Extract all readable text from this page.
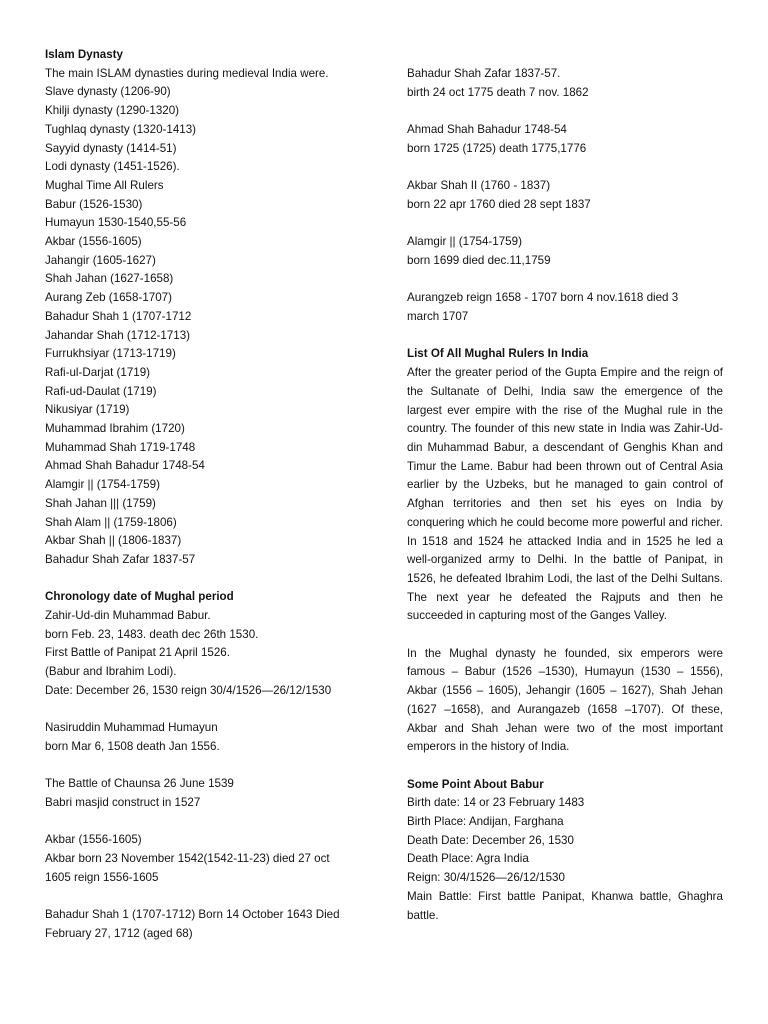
Islam Dynasty
The main ISLAM dynasties during medieval India were.
Slave dynasty (1206-90)
Khilji dynasty (1290-1320)
Tughlaq dynasty (1320-1413)
Sayyid dynasty (1414-51)
Lodi dynasty (1451-1526).
Mughal Time All Rulers
Babur (1526-1530)
Humayun 1530-1540,55-56
Akbar (1556-1605)
Jahangir (1605-1627)
Shah Jahan (1627-1658)
Aurang Zeb (1658-1707)
Bahadur Shah 1 (1707-1712
Jahandar Shah (1712-1713)
Furrukhsiyar (1713-1719)
Rafi-ul-Darjat (1719)
Rafi-ud-Daulat (1719)
Nikusiyar (1719)
Muhammad Ibrahim (1720)
Muhammad Shah 1719-1748
Ahmad Shah Bahadur 1748-54
Alamgir || (1754-1759)
Shah Jahan ||| (1759)
Shah Alam || (1759-1806)
Akbar Shah || (1806-1837)
Bahadur Shah Zafar 1837-57
Chronology date of Mughal period
Zahir-Ud-din Muhammad Babur.
born Feb. 23, 1483. death dec 26th 1530.
First Battle of Panipat 21 April 1526.
(Babur and Ibrahim Lodi).
Date: December 26, 1530 reign 30/4/1526—26/12/1530
Nasiruddin Muhammad Humayun
born Mar 6, 1508 death Jan 1556.
The Battle of Chaunsa 26 June 1539
Babri masjid construct in 1527
Akbar (1556-1605)
Akbar born 23 November 1542(1542-11-23) died 27 oct
1605 reign 1556-1605
Bahadur Shah 1 (1707-1712) Born 14 October 1643 Died
February 27, 1712 (aged 68)
Bahadur Shah Zafar 1837-57.
birth 24 oct 1775 death 7 nov. 1862
Ahmad Shah Bahadur 1748-54
born 1725 (1725) death 1775,1776
Akbar Shah II (1760 - 1837)
born 22 apr 1760 died 28 sept 1837
Alamgir || (1754-1759)
born 1699 died dec.11,1759
Aurangzeb reign 1658 - 1707 born 4 nov.1618 died 3
march 1707
List Of All Mughal Rulers In India
After the greater period of the Gupta Empire and the reign of the Sultanate of Delhi, India saw the emergence of the largest ever empire with the rise of the Mughal rule in the country. The founder of this new state in India was Zahir-Ud-din Muhammad Babur, a descendant of Genghis Khan and Timur the Lame. Babur had been thrown out of Central Asia earlier by the Uzbeks, but he managed to gain control of Afghan territories and then set his eyes on India by conquering which he could become more powerful and richer.
In 1518 and 1524 he attacked India and in 1525 he led a well-organized army to Delhi. In the battle of Panipat, in 1526, he defeated Ibrahim Lodi, the last of the Delhi Sultans. The next year he defeated the Rajputs and then he succeeded in capturing most of the Ganges Valley.
In the Mughal dynasty he founded, six emperors were famous – Babur (1526 –1530), Humayun (1530 – 1556), Akbar (1556 – 1605), Jehangir (1605 – 1627), Shah Jehan (1627 –1658), and Aurangazeb (1658 –1707). Of these, Akbar and Shah Jehan were two of the most important emperors in the history of India.
Some Point About Babur
Birth date: 14 or 23 February 1483
Birth Place: Andijan, Farghana
Death Date: December 26, 1530
Death Place: Agra India
Reign: 30/4/1526—26/12/1530
Main Battle: First battle Panipat, Khanwa battle, Ghaghra battle.
